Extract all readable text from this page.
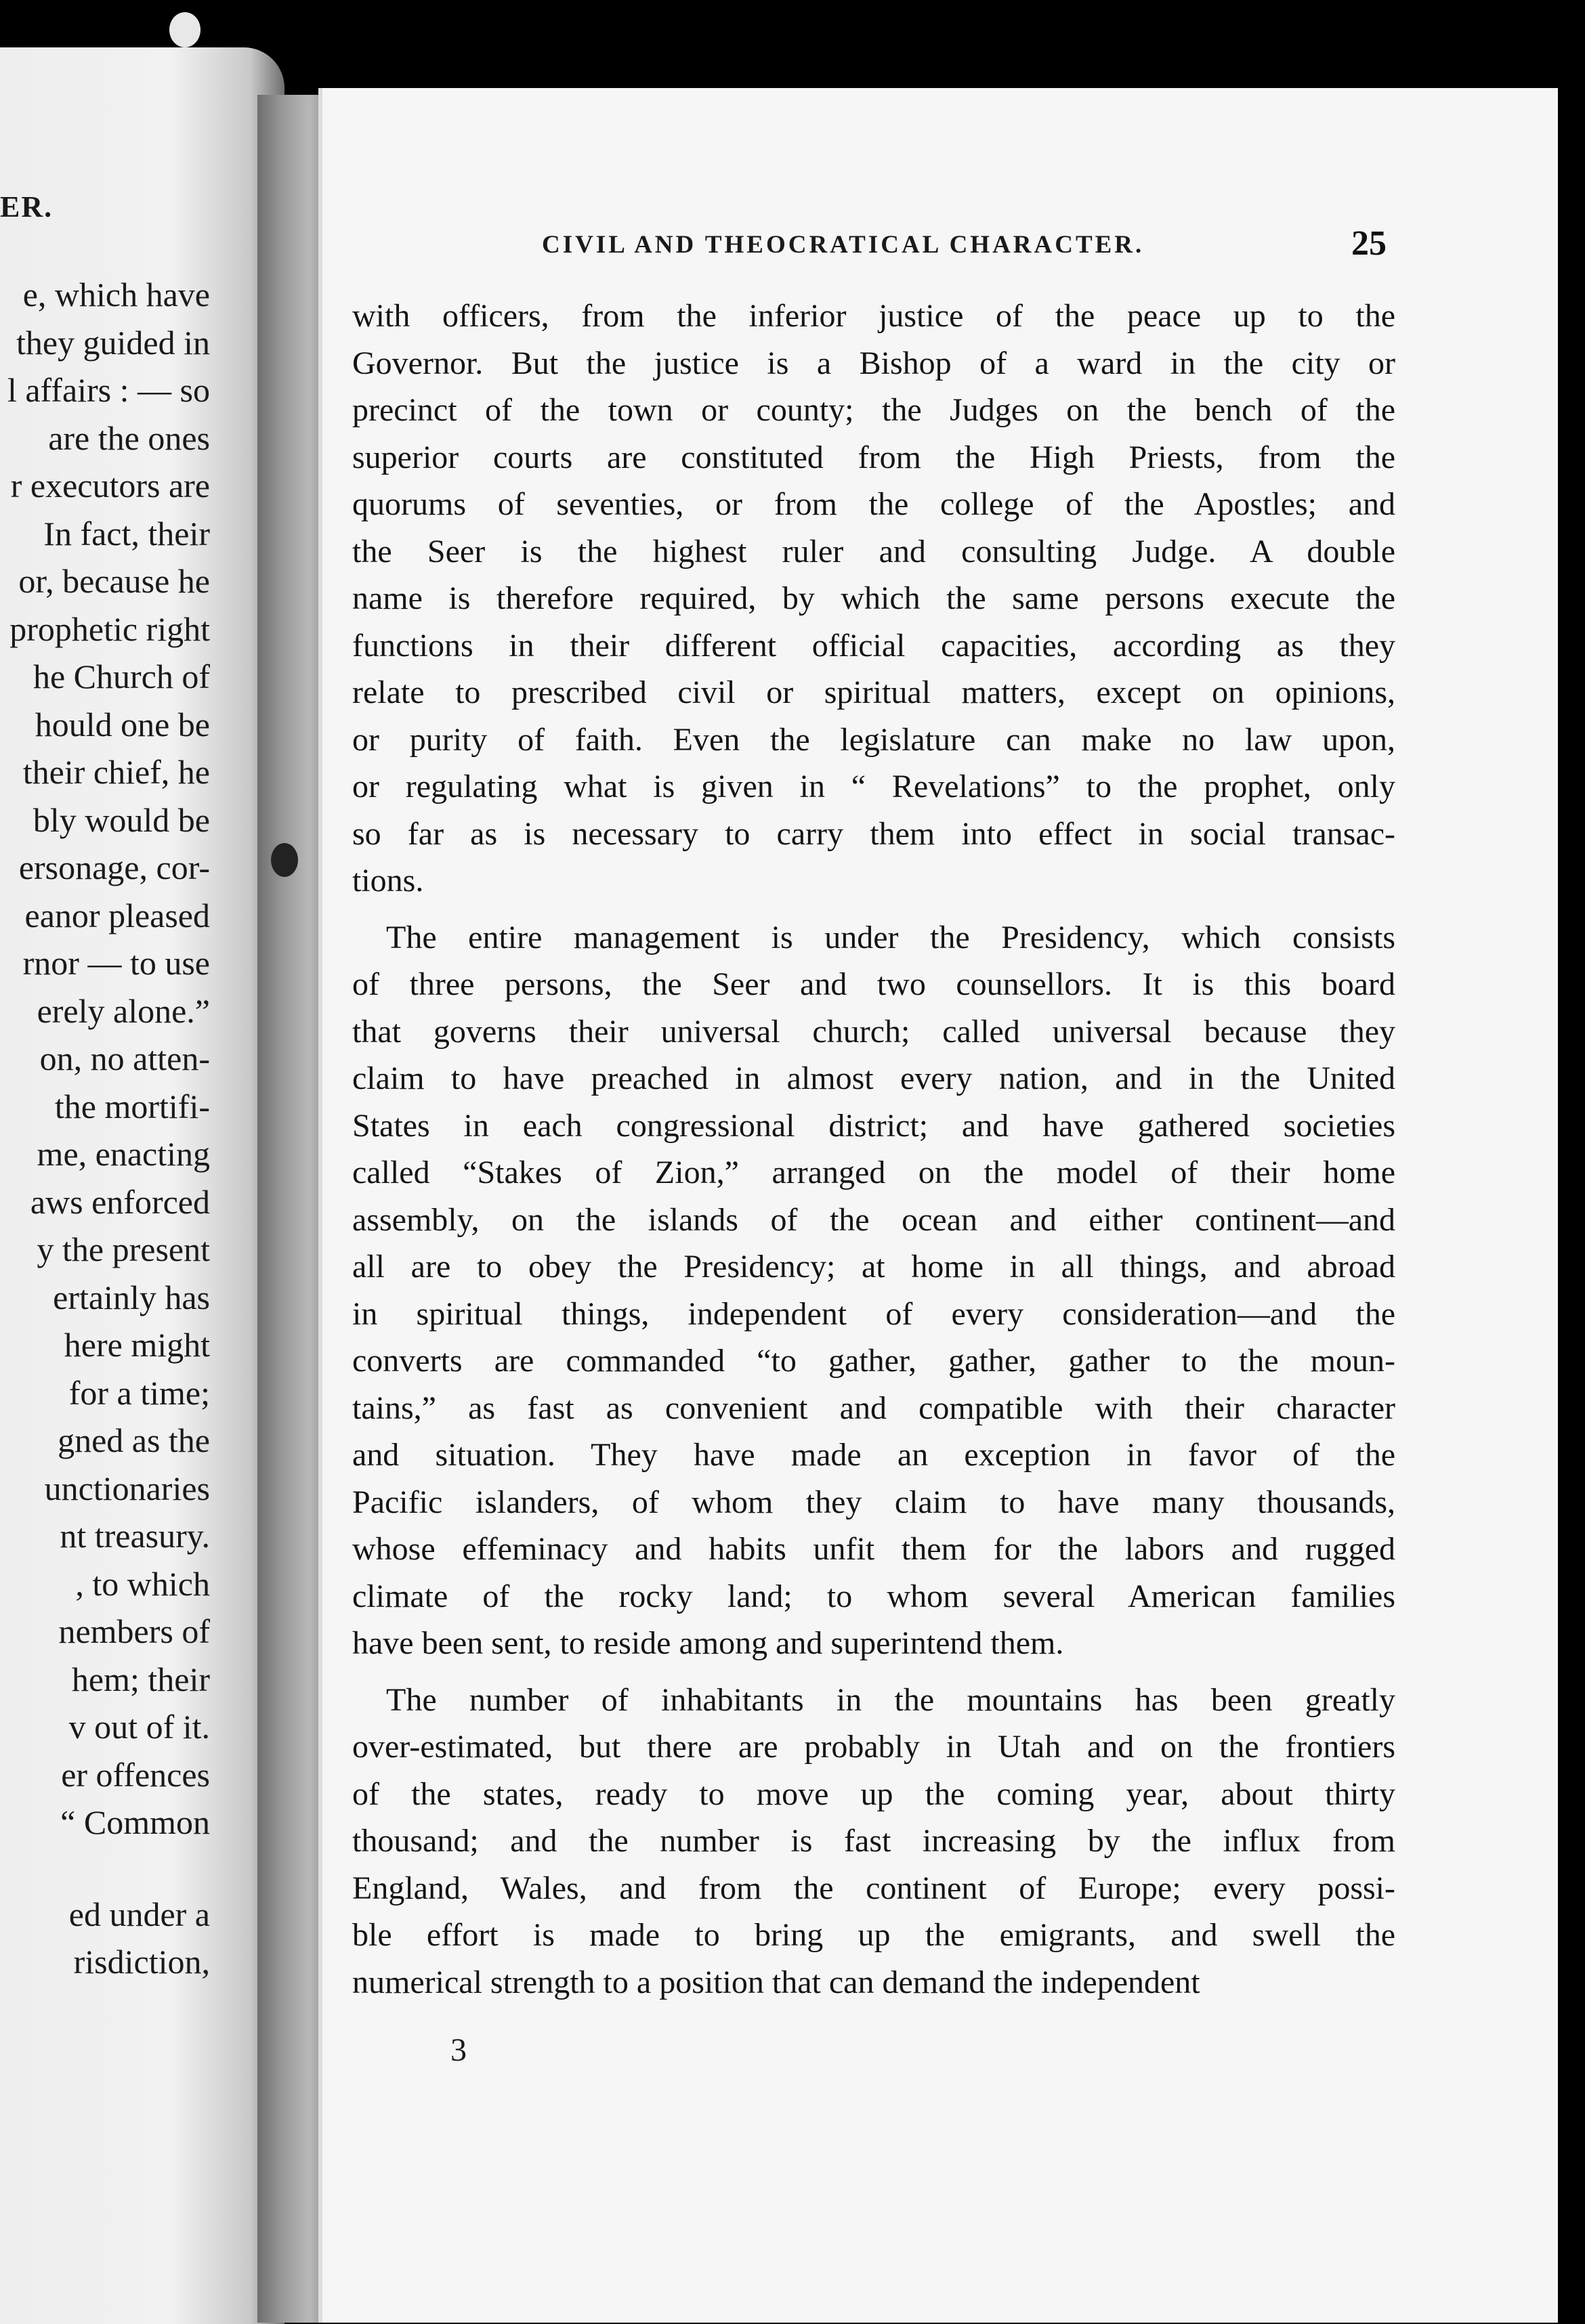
ER.
e, which have
they guided in
l affairs : — so
are the ones
r executors are
In fact, their
or, because he
prophetic right
he Church of
hould one be
their chief, he
bly would be
ersonage, cor-
eanor pleased
rnor — to use
erely alone.”
on, no atten-
the mortifi-
me, enacting
aws enforced
y the present
ertainly has
here might
for a time;
gned as the
unctionaries
nt treasury.
, to which
nembers of
hem; their
v out of it.
er offences
“ Common
ed under a
risdiction,
CIVIL AND THEOCRATICAL CHARACTER.	25
with officers, from the inferior justice of the peace up to the
Governor. But the justice is a Bishop of a ward in the city or
precinct of the town or county; the Judges on the bench of the
superior courts are constituted from the High Priests, from the
quorums of seventies, or from the college of the Apostles; and
the Seer is the highest ruler and consulting Judge. A double
name is therefore required, by which the same persons execute the
functions in their different official capacities, according as they
relate to prescribed civil or spiritual matters, except on opinions,
or purity of faith. Even the legislature can make no law upon,
or regulating what is given in “ Revelations” to the prophet, only
so far as is necessary to carry them into effect in social transac-
tions.
The entire management is under the Presidency, which consists
of three persons, the Seer and two counsellors. It is this board
that governs their universal church; called universal because they
claim to have preached in almost every nation, and in the United
States in each congressional district; and have gathered societies
called “Stakes of Zion,” arranged on the model of their home
assembly, on the islands of the ocean and either continent—and
all are to obey the Presidency; at home in all things, and abroad
in spiritual things, independent of every consideration—and the
converts are commanded “to gather, gather, gather to the moun-
tains,” as fast as convenient and compatible with their character
and situation. They have made an exception in favor of the
Pacific islanders, of whom they claim to have many thousands,
whose effeminacy and habits unfit them for the labors and rugged
climate of the rocky land; to whom several American families
have been sent, to reside among and superintend them.
The number of inhabitants in the mountains has been greatly
over-estimated, but there are probably in Utah and on the frontiers
of the states, ready to move up the coming year, about thirty
thousand; and the number is fast increasing by the influx from
England, Wales, and from the continent of Europe; every possi-
ble effort is made to bring up the emigrants, and swell the
numerical strength to a position that can demand the independent
3
